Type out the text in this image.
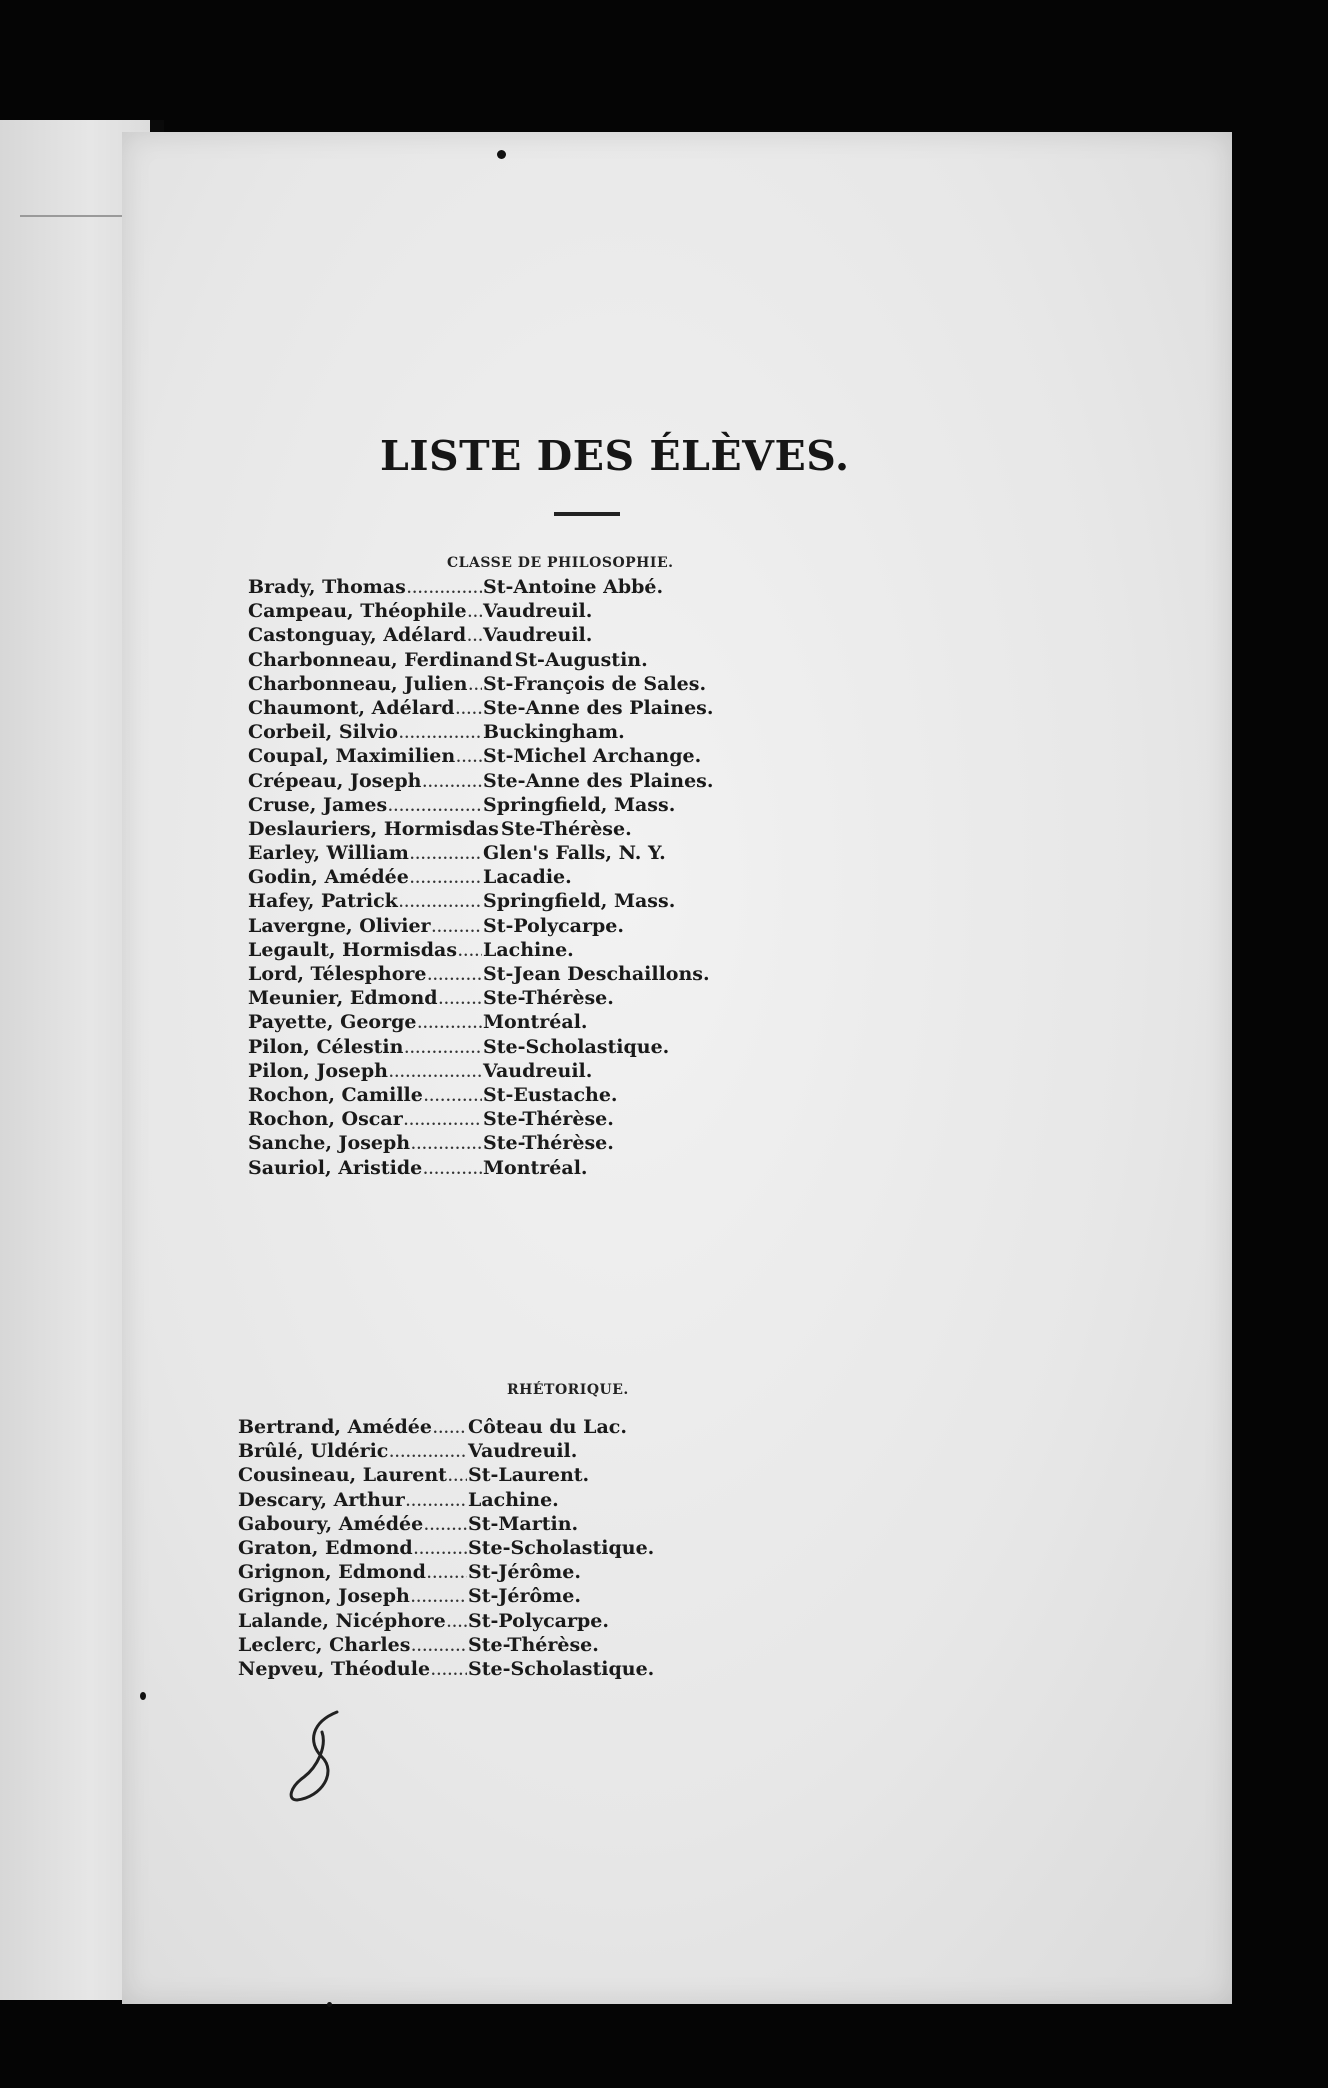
LISTE DES ÉLÈVES.
CLASSE DE PHILOSOPHIE.
Brady, Thomas .....	St-Antoine Abbé.
Campeau, Théophile ..... Vaudreuil.
Castonguay, Adélard ..... Vaudreuil.
Charbonneau, Ferdinand St-Augustin.
Charbonneau, Julien ..... St-François de Sales.
Chaumont, Adélard ..... Ste-Anne des Plaines.
Corbeil, Silvio .....	Buckingham.
Coupal, Maximilien ..... St-Michel Archange.
Crépeau, Joseph .....	Ste-Anne des Plaines.
Cruse, James .....	Springfield, Mass.
Deslauriers, Hormisdas Ste-Thérèse.
Earley, William .....	Glen's Falls, N. Y.
Godin, Amédée .....	Lacadie.
Hafey, Patrick .....	Springfield, Mass.
Lavergne, Olivier .....	St-Polycarpe.
Legault, Hormisdas ..... Lachine.
Lord, Télesphore .....	St-Jean Deschaillons.
Meunier, Edmond ..... Ste-Thérèse.
Payette, George .....	Montréal.
Pilon, Célestin .....	Ste-Scholastique.
Pilon, Joseph .....	Vaudreuil.
Rochon, Camille .....	St-Eustache.
Rochon, Oscar .....	Ste-Thérèse.
Sanche, Joseph .....	Ste-Thérèse.
Sauriol, Aristide .....	Montréal.
RHÉTORIQUE.
Bertrand, Amédée ..... Côteau du Lac.
Brûlé, Uldéric .....	Vaudreuil.
Cousineau, Laurent ..... St-Laurent.
Descary, Arthur .....	Lachine.
Gaboury, Amédée ..... St-Martin.
Graton, Edmond .....	Ste-Scholastique.
Grignon, Edmond ..... St-Jérôme.
Grignon, Joseph .....	St-Jérôme.
Lalande, Nicéphore ..... St-Polycarpe.
Leclerc, Charles .....	Ste-Thérèse.
Nepveu, Théodule ..... Ste-Scholastique.
